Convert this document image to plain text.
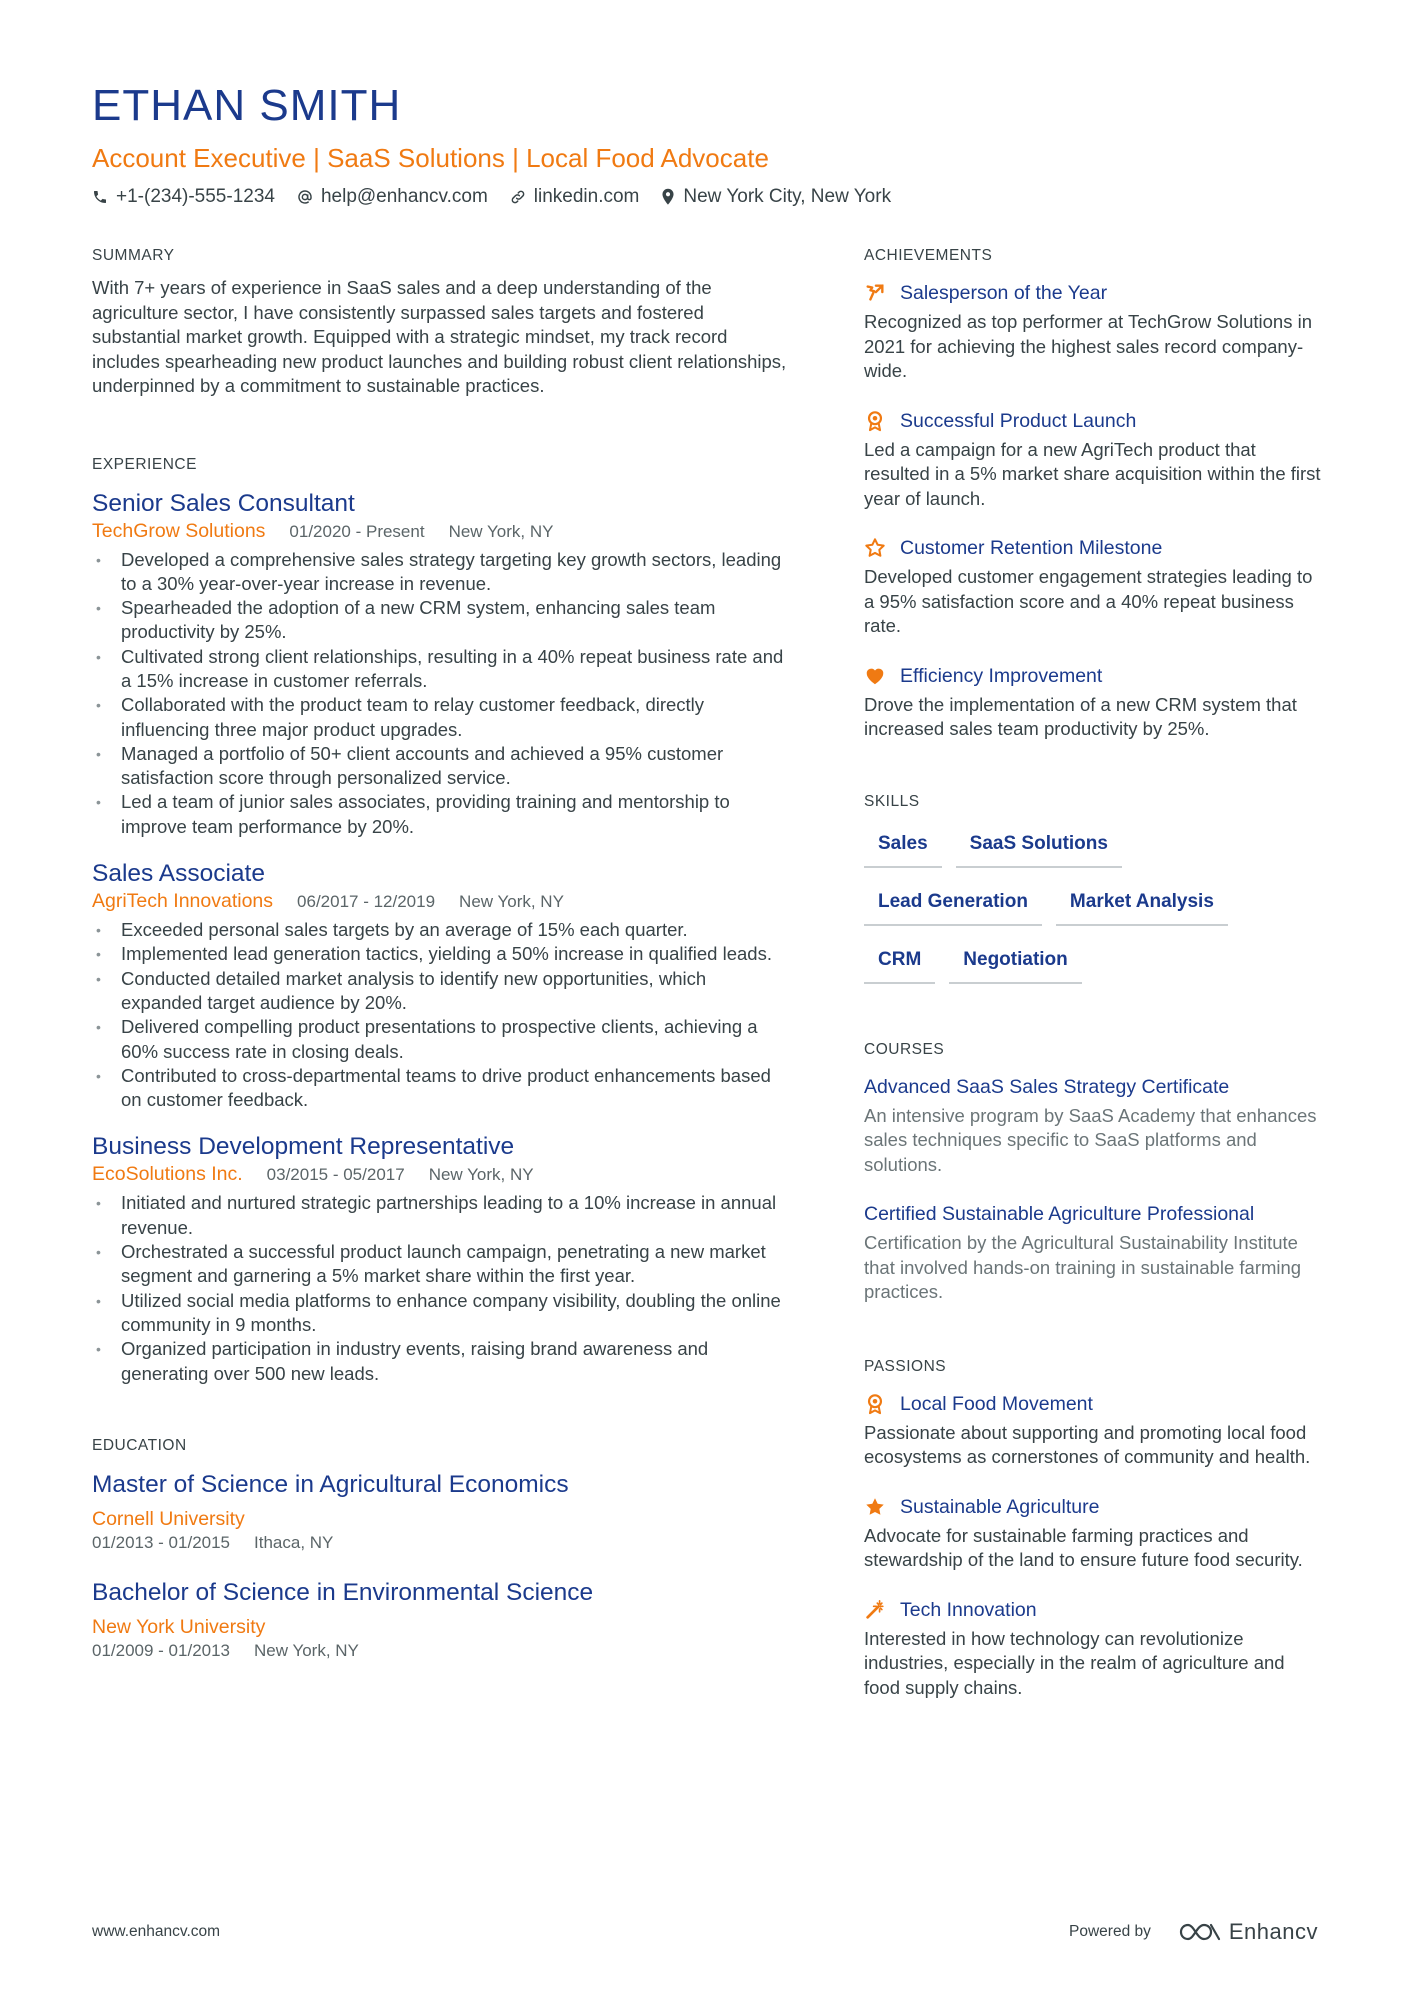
ETHAN SMITH
Account Executive | SaaS Solutions | Local Food Advocate
+1-(234)-555-1234 help@enhancv.com linkedin.com New York City, New York
SUMMARY
With 7+ years of experience in SaaS sales and a deep understanding of the agriculture sector, I have consistently surpassed sales targets and fostered substantial market growth. Equipped with a strategic mindset, my track record includes spearheading new product launches and building robust client relationships, underpinned by a commitment to sustainable practices.
EXPERIENCE
Senior Sales Consultant
TechGrow Solutions 01/2020 - Present New York, NY
• Developed a comprehensive sales strategy targeting key growth sectors, leading to a 30% year-over-year increase in revenue.
• Spearheaded the adoption of a new CRM system, enhancing sales team productivity by 25%.
• Cultivated strong client relationships, resulting in a 40% repeat business rate and a 15% increase in customer referrals.
• Collaborated with the product team to relay customer feedback, directly influencing three major product upgrades.
• Managed a portfolio of 50+ client accounts and achieved a 95% customer satisfaction score through personalized service.
• Led a team of junior sales associates, providing training and mentorship to improve team performance by 20%.
Sales Associate
AgriTech Innovations 06/2017 - 12/2019 New York, NY
• Exceeded personal sales targets by an average of 15% each quarter.
• Implemented lead generation tactics, yielding a 50% increase in qualified leads.
• Conducted detailed market analysis to identify new opportunities, which expanded target audience by 20%.
• Delivered compelling product presentations to prospective clients, achieving a 60% success rate in closing deals.
• Contributed to cross-departmental teams to drive product enhancements based on customer feedback.
Business Development Representative
EcoSolutions Inc. 03/2015 - 05/2017 New York, NY
• Initiated and nurtured strategic partnerships leading to a 10% increase in annual revenue.
• Orchestrated a successful product launch campaign, penetrating a new market segment and garnering a 5% market share within the first year.
• Utilized social media platforms to enhance company visibility, doubling the online community in 9 months.
• Organized participation in industry events, raising brand awareness and generating over 500 new leads.
EDUCATION
Master of Science in Agricultural Economics
Cornell University
01/2013 - 01/2015 Ithaca, NY
Bachelor of Science in Environmental Science
New York University
01/2009 - 01/2013 New York, NY
ACHIEVEMENTS
Salesperson of the Year
Recognized as top performer at TechGrow Solutions in 2021 for achieving the highest sales record company-wide.
Successful Product Launch
Led a campaign for a new AgriTech product that resulted in a 5% market share acquisition within the first year of launch.
Customer Retention Milestone
Developed customer engagement strategies leading to a 95% satisfaction score and a 40% repeat business rate.
Efficiency Improvement
Drove the implementation of a new CRM system that increased sales team productivity by 25%.
SKILLS
Sales	SaaS Solutions
Lead Generation	Market Analysis
CRM	Negotiation
COURSES
Advanced SaaS Sales Strategy Certificate
An intensive program by SaaS Academy that enhances sales techniques specific to SaaS platforms and solutions.
Certified Sustainable Agriculture Professional
Certification by the Agricultural Sustainability Institute that involved hands-on training in sustainable farming practices.
PASSIONS
Local Food Movement
Passionate about supporting and promoting local food ecosystems as cornerstones of community and health.
Sustainable Agriculture
Advocate for sustainable farming practices and stewardship of the land to ensure future food security.
Tech Innovation
Interested in how technology can revolutionize industries, especially in the realm of agriculture and food supply chains.
www.enhancv.com	Powered by	Enhancv
